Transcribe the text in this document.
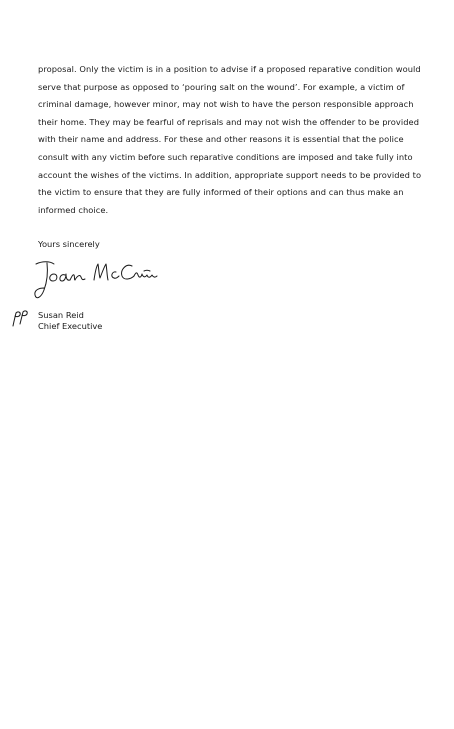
proposal. Only the victim is in a position to advise if a proposed reparative condition would
serve that purpose as opposed to ‘pouring salt on the wound’. For example, a victim of
criminal damage, however minor, may not wish to have the person responsible approach
their home. They may be fearful of reprisals and may not wish the offender to be provided
with their name and address. For these and other reasons it is essential that the police
consult with any victim before such reparative conditions are imposed and take fully into
account the wishes of the victims. In addition, appropriate support needs to be provided to
the victim to ensure that they are fully informed of their options and can thus make an
informed choice.

Yours sincerely

Susan Reid
Chief Executive
